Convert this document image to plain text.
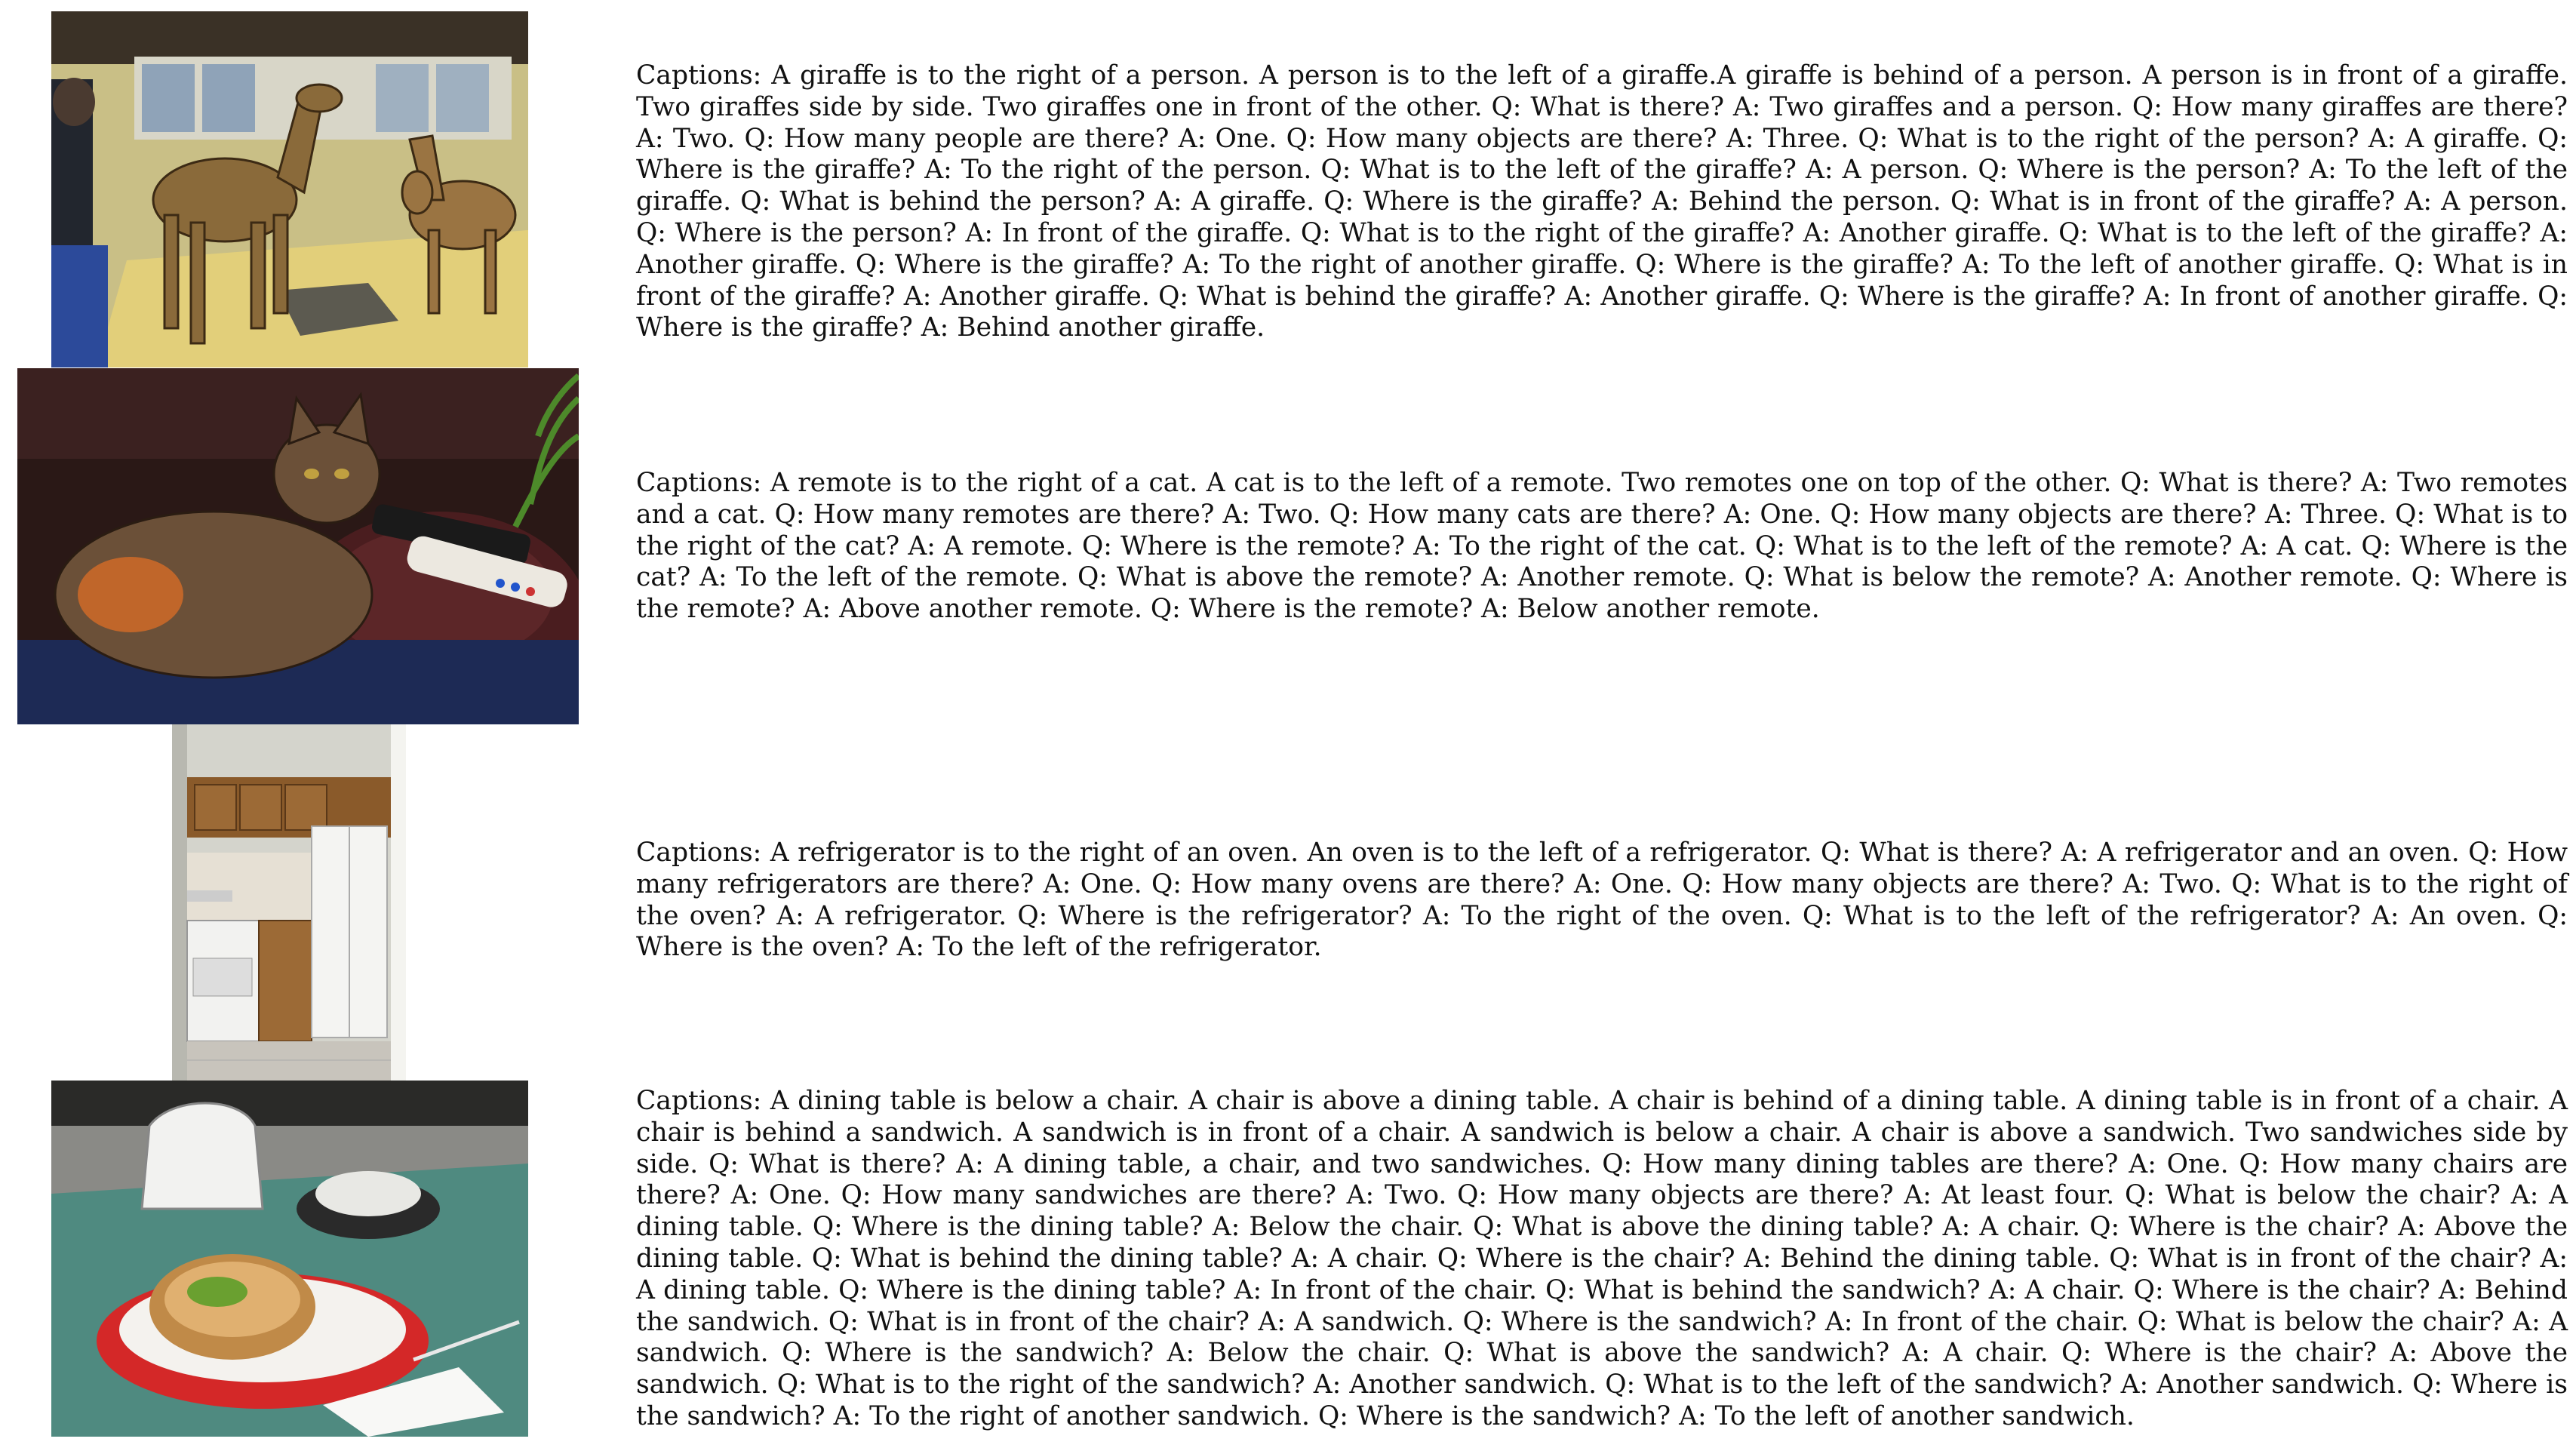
Captions: A giraffe is to the right of a person. A person is to the left of a giraffe.A giraffe is behind of a person. A person is in front of a giraffe. Two giraffes side by side. Two giraffes one in front of the other. Q: What is there? A: Two giraffes and a person. Q: How many giraffes are there? A: Two. Q: How many people are there? A: One. Q: How many objects are there? A: Three. Q: What is to the right of the person? A: A giraffe. Q: Where is the giraffe? A: To the right of the person. Q: What is to the left of the giraffe? A: A person. Q: Where is the person? A: To the left of the giraffe. Q: What is behind the person? A: A giraffe. Q: Where is the giraffe? A: Behind the person. Q: What is in front of the giraffe? A: A person. Q: Where is the person? A: In front of the giraffe. Q: What is to the right of the giraffe? A: Another giraffe. Q: What is to the left of the giraffe? A: Another giraffe. Q: Where is the giraffe? A: To the right of another giraffe. Q: Where is the giraffe? A: To the left of another giraffe. Q: What is in front of the giraffe? A: Another giraffe. Q: What is behind the giraffe? A: Another giraffe. Q: Where is the giraffe? A: In front of another giraffe. Q: Where is the giraffe? A: Behind another giraffe.

Captions: A remote is to the right of a cat. A cat is to the left of a remote. Two remotes one on top of the other. Q: What is there? A: Two remotes and a cat. Q: How many remotes are there? A: Two. Q: How many cats are there? A: One. Q: How many objects are there? A: Three. Q: What is to the right of the cat? A: A remote. Q: Where is the remote? A: To the right of the cat. Q: What is to the left of the remote? A: A cat. Q: Where is the cat? A: To the left of the remote. Q: What is above the remote? A: Another remote. Q: What is below the remote? A: Another remote. Q: Where is the remote? A: Above another remote. Q: Where is the remote? A: Below another remote.

Captions: A refrigerator is to the right of an oven. An oven is to the left of a refrigerator. Q: What is there? A: A refrigerator and an oven. Q: How many refrigerators are there? A: One. Q: How many ovens are there? A: One. Q: How many objects are there? A: Two. Q: What is to the right of the oven? A: A refrigerator. Q: Where is the refrigerator? A: To the right of the oven. Q: What is to the left of the refrigerator? A: An oven. Q: Where is the oven? A: To the left of the refrigerator.

Captions: A dining table is below a chair. A chair is above a dining table. A chair is behind of a dining table. A dining table is in front of a chair. A chair is behind a sandwich. A sandwich is in front of a chair. A sandwich is below a chair. A chair is above a sandwich. Two sandwiches side by side. Q: What is there? A: A dining table, a chair, and two sandwiches. Q: How many dining tables are there? A: One. Q: How many chairs are there? A: One. Q: How many sandwiches are there? A: Two. Q: How many objects are there? A: At least four. Q: What is below the chair? A: A dining table. Q: Where is the dining table? A: Below the chair. Q: What is above the dining table? A: A chair. Q: Where is the chair? A: Above the dining table. Q: What is behind the dining table? A: A chair. Q: Where is the chair? A: Behind the dining table. Q: What is in front of the chair? A: A dining table. Q: Where is the dining table? A: In front of the chair. Q: What is behind the sandwich? A: A chair. Q: Where is the chair? A: Behind the sandwich. Q: What is in front of the chair? A: A sandwich. Q: Where is the sandwich? A: In front of the chair. Q: What is below the chair? A: A sandwich. Q: Where is the sandwich? A: Below the chair. Q: What is above the sandwich? A: A chair. Q: Where is the chair? A: Above the sandwich. Q: What is to the right of the sandwich? A: Another sandwich. Q: What is to the left of the sandwich? A: Another sandwich. Q: Where is the sandwich? A: To the right of another sandwich. Q: Where is the sandwich? A: To the left of another sandwich.
